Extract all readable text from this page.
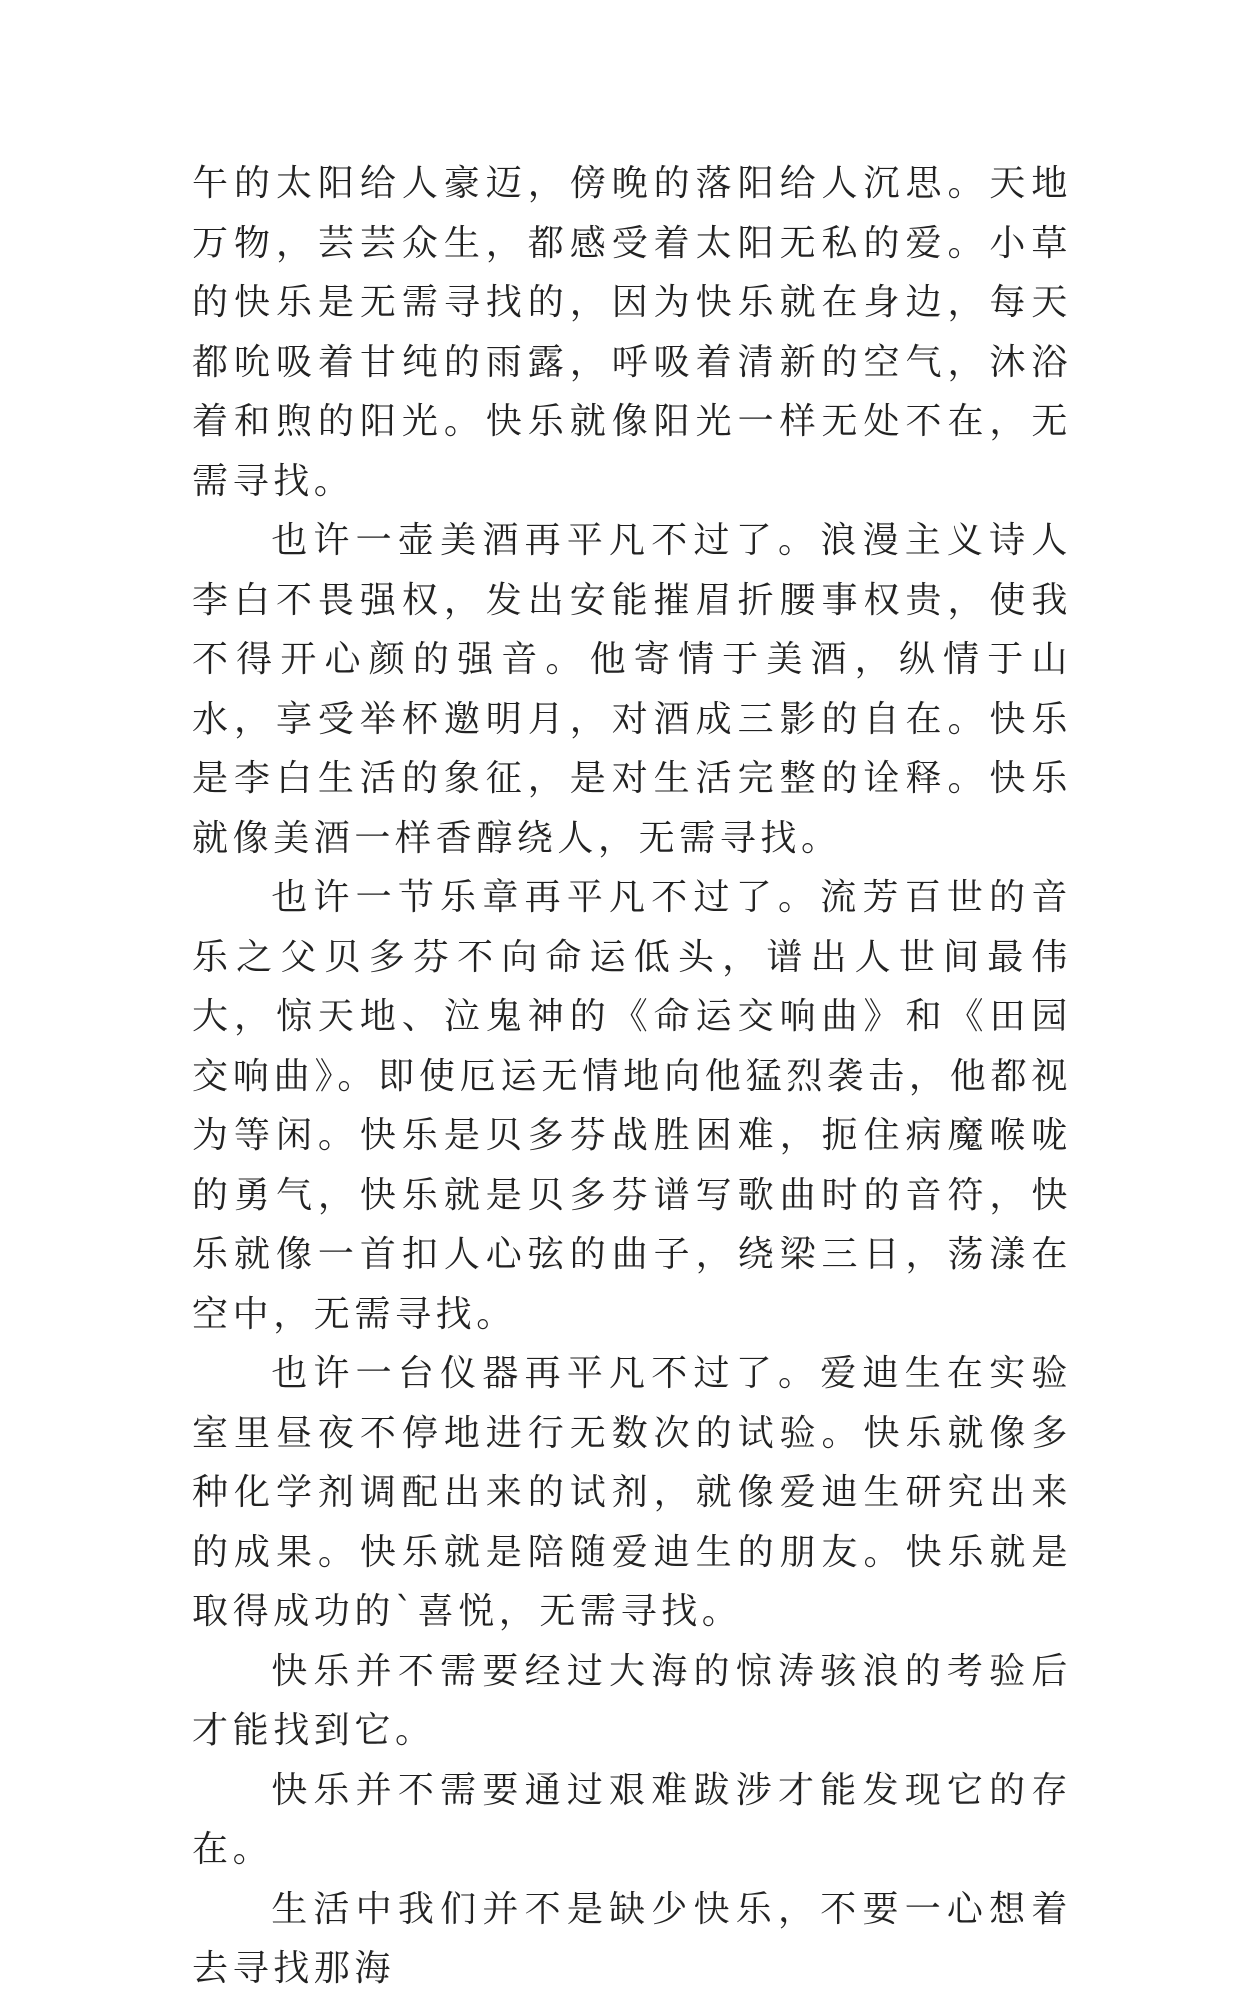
午的太阳给人豪迈，傍晚的落阳给人沉思。天地万物，芸芸众生，都感受着太阳无私的爱。小草的快乐是无需寻找的，因为快乐就在身边，每天都吮吸着甘纯的雨露，呼吸着清新的空气，沐浴着和煦的阳光。快乐就像阳光一样无处不在，无需寻找。

也许一壶美酒再平凡不过了。浪漫主义诗人李白不畏强权，发出安能摧眉折腰事权贵，使我不得开心颜的强音。他寄情于美酒，纵情于山水，享受举杯邀明月，对酒成三影的自在。快乐是李白生活的象征，是对生活完整的诠释。快乐就像美酒一样香醇绕人，无需寻找。

也许一节乐章再平凡不过了。流芳百世的音乐之父贝多芬不向命运低头，谱出人世间最伟大，惊天地、泣鬼神的《命运交响曲》和《田园交响曲》。即使厄运无情地向他猛烈袭击，他都视为等闲。快乐是贝多芬战胜困难，扼住病魔喉咙的勇气，快乐就是贝多芬谱写歌曲时的音符，快乐就像一首扣人心弦的曲子，绕梁三日，荡漾在空中，无需寻找。

也许一台仪器再平凡不过了。爱迪生在实验室里昼夜不停地进行无数次的试验。快乐就像多种化学剂调配出来的试剂，就像爱迪生研究出来的成果。快乐就是陪随爱迪生的朋友。快乐就是取得成功的`喜悦，无需寻找。

快乐并不需要经过大海的惊涛骇浪的考验后才能找到它。

快乐并不需要通过艰难跋涉才能发现它的存在。

生活中我们并不是缺少快乐，不要一心想着去寻找那海
